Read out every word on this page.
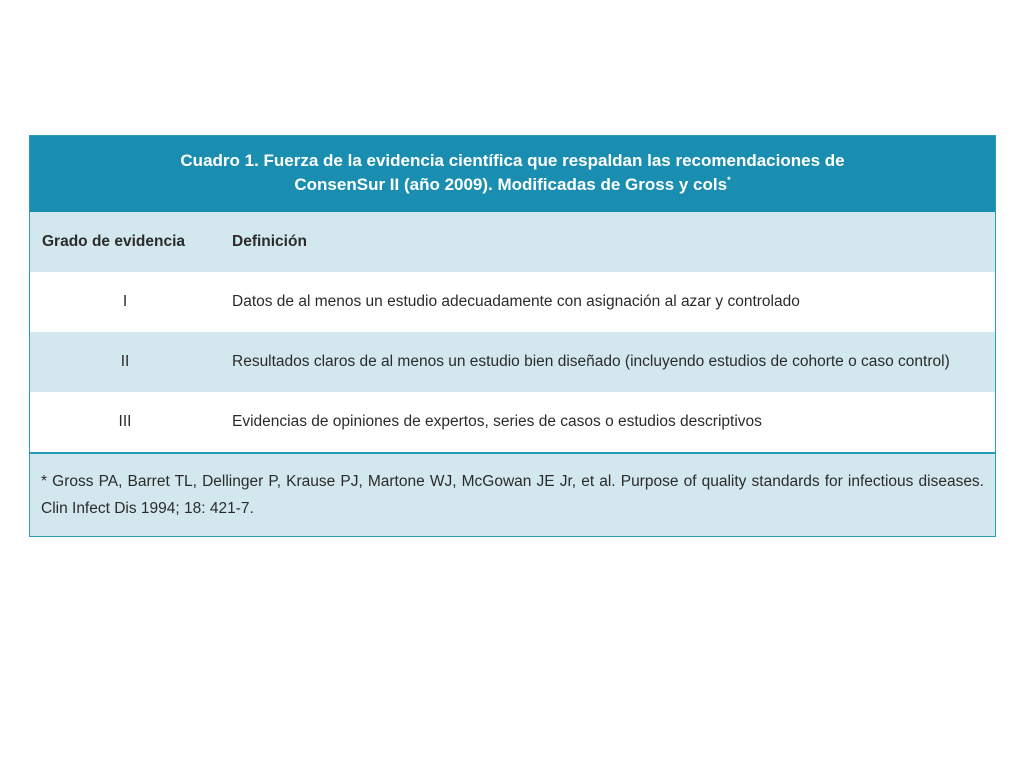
Cuadro 1. Fuerza de la evidencia científica que respaldan las recomendaciones de
ConsenSur II (año 2009). Modificadas de Gross y cols*
Grado de evidencia	Definición
I	Datos de al menos un estudio adecuadamente con asignación al azar y controlado
II	Resultados claros de al menos un estudio bien diseñado (incluyendo estudios de cohorte o caso control)
III	Evidencias de opiniones de expertos, series de casos o estudios descriptivos
* Gross PA, Barret TL, Dellinger P, Krause PJ, Martone WJ, McGowan JE Jr, et al. Purpose of quality standards for infectious diseases. Clin Infect Dis 1994; 18: 421-7.
